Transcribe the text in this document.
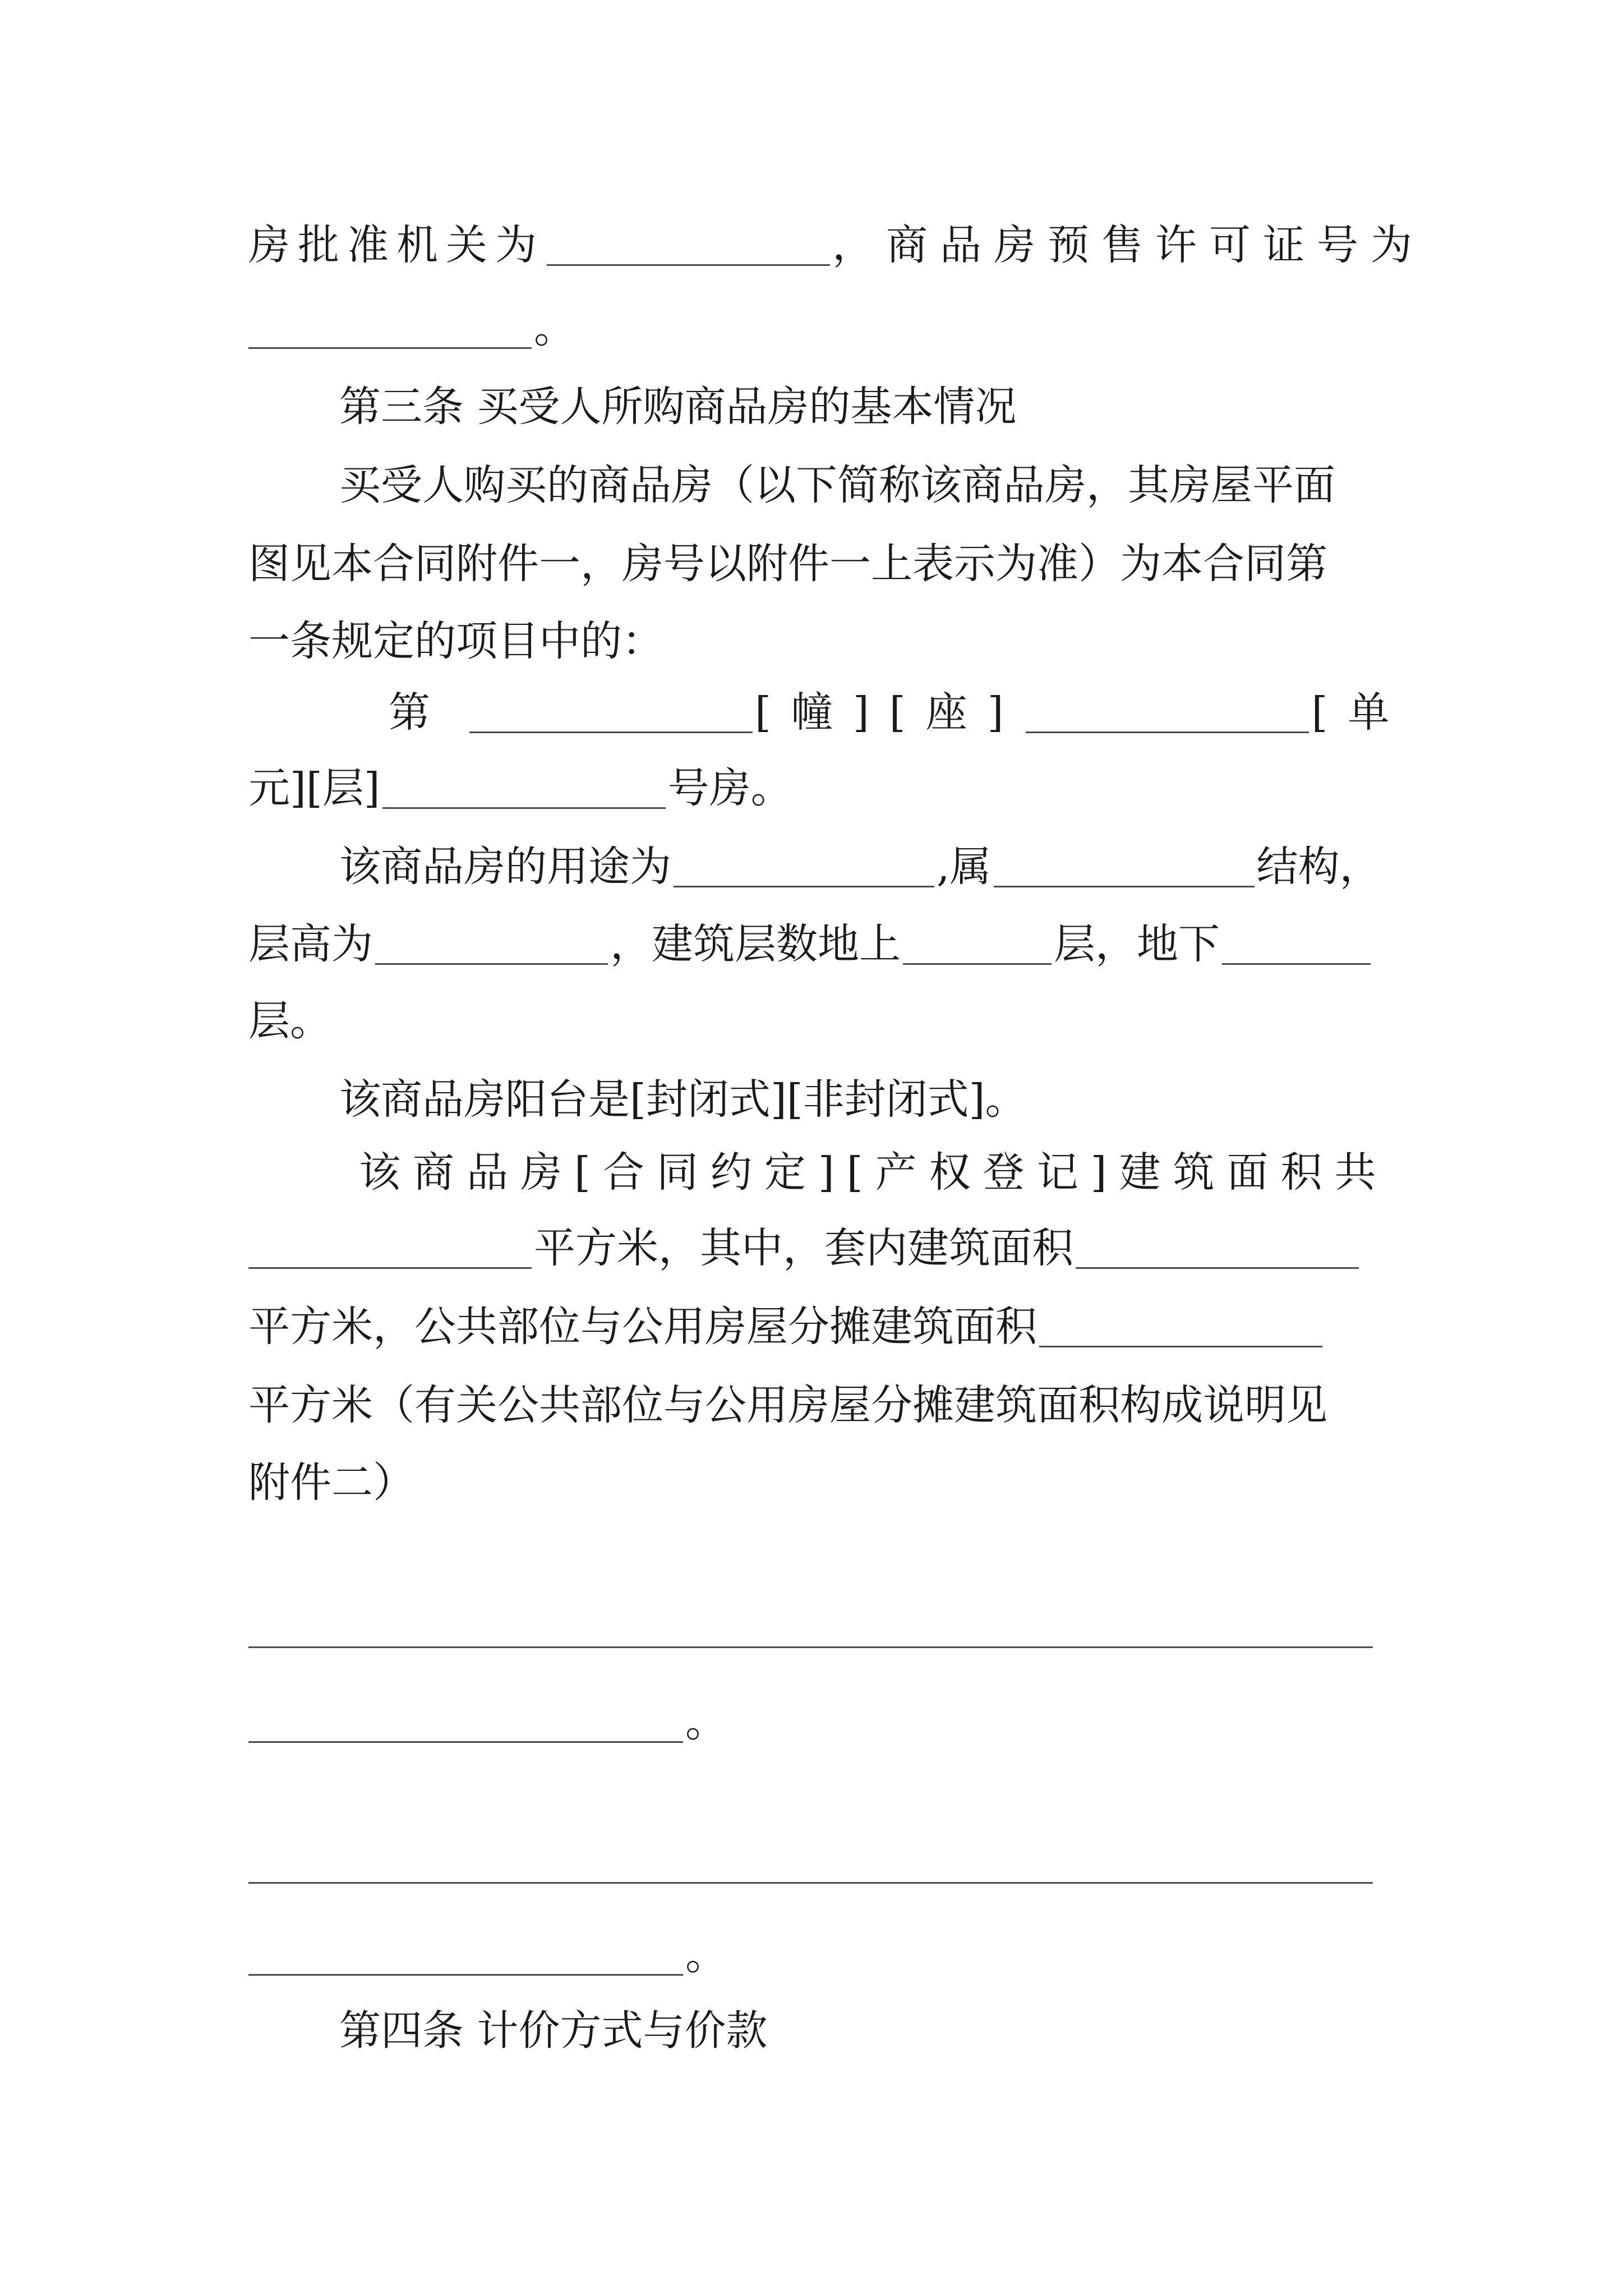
房批准机关为	，商品房预售许可证号为
。
第三条 买受人所购商品房的基本情况
买受人购买的商品房（以下简称该商品房，其房屋平面
图见本合同附件一，房号以附件一上表示为准）为本合同第
一条规定的项目中的：
第	[幢][座]	[单
元][层]	号房。
该商品房的用途为	,属	结构，
层高为	，建筑层数地上	层，地下
层。
该商品房阳台是[封闭式][非封闭式]。
该商品房[合同约定][产权登记]建筑面积共
平方米，其中，套内建筑面积
平方米，公共部位与公用房屋分摊建筑面积
平方米（有关公共部位与公用房屋分摊建筑面积构成说明见
附件二）
。
。
第四条 计价方式与价款
